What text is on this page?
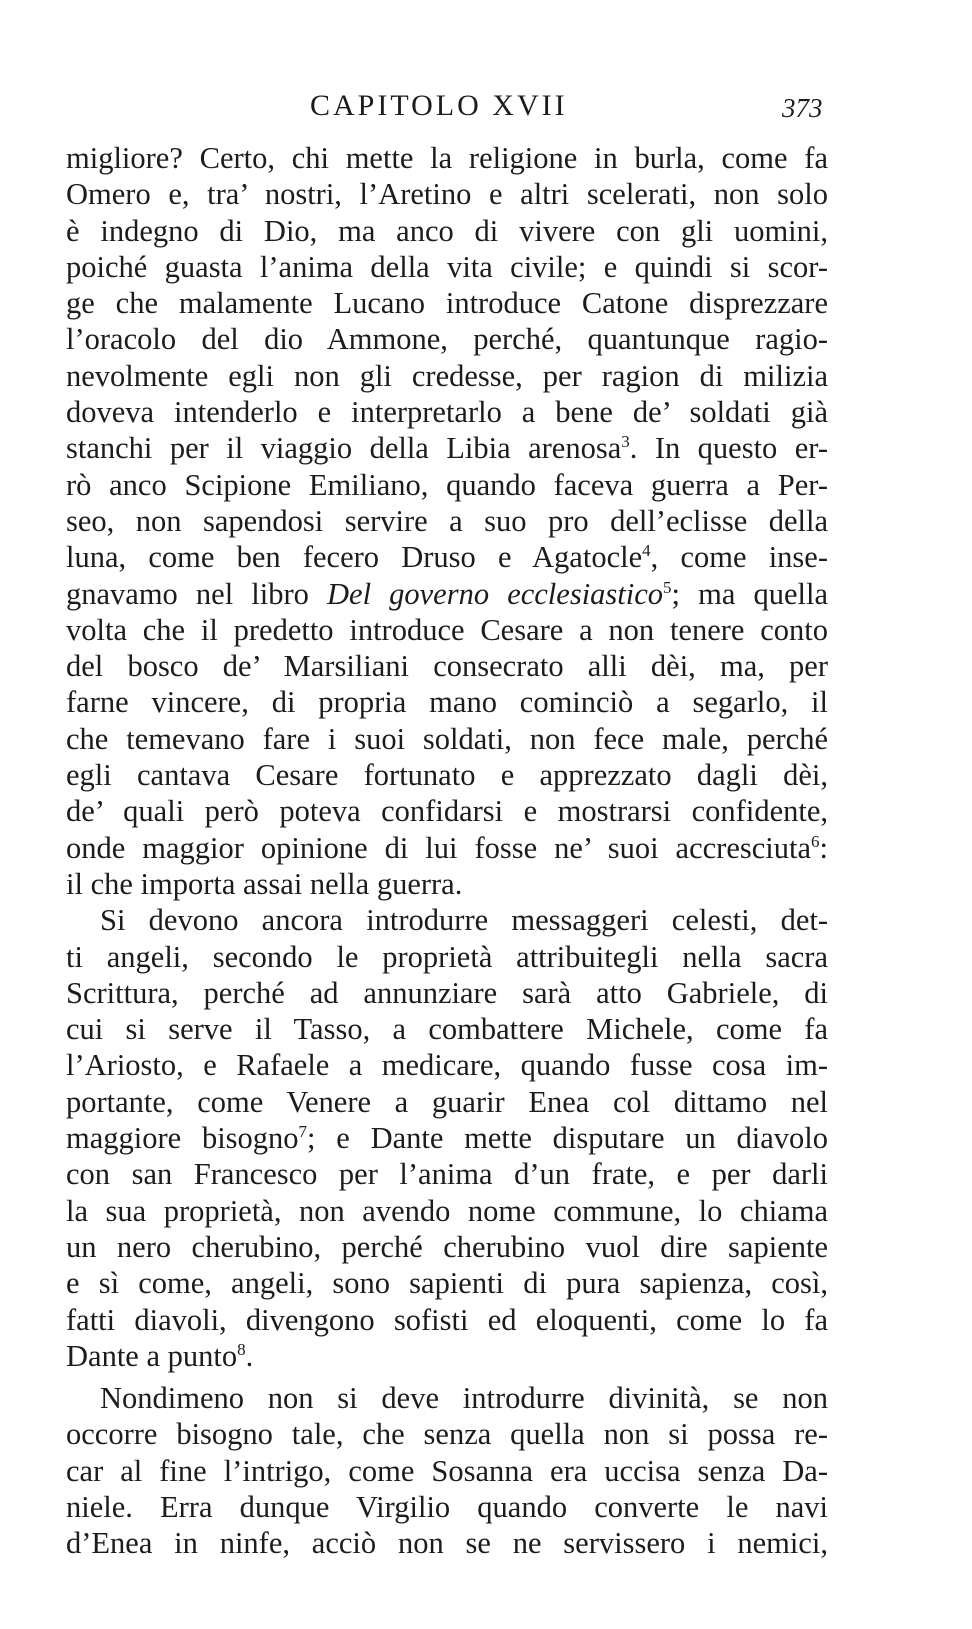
CAPITOLO XVII	373
migliore? Certo, chi mette la religione in burla, come fa
Omero e, tra’ nostri, l’Aretino e altri scelerati, non solo
è indegno di Dio, ma anco di vivere con gli uomini,
poiché guasta l’anima della vita civile; e quindi si scor-
ge che malamente Lucano introduce Catone disprezzare
l’oracolo del dio Ammone, perché, quantunque ragio-
nevolmente egli non gli credesse, per ragion di milizia
doveva intenderlo e interpretarlo a bene de’ soldati già
stanchi per il viaggio della Libia arenosa$^3$. In questo er-
rò anco Scipione Emiliano, quando faceva guerra a Per-
seo, non sapendosi servire a suo pro dell’eclisse della
luna, come ben fecero Druso e Agatocle$^4$, come inse-
gnavamo nel libro Del governo ecclesiastico$^5$; ma quella
volta che il predetto introduce Cesare a non tenere conto
del bosco de’ Marsiliani consecrato alli dèi, ma, per
farne vincere, di propria mano cominciò a segarlo, il
che temevano fare i suoi soldati, non fece male, perché
egli cantava Cesare fortunato e apprezzato dagli dèi,
de’ quali però poteva confidarsi e mostrarsi confidente,
onde maggior opinione di lui fosse ne’ suoi accresciuta$^6$:
il che importa assai nella guerra.
Si devono ancora introdurre messaggeri celesti, det-
ti angeli, secondo le proprietà attribuitegli nella sacra
Scrittura, perché ad annunziare sarà atto Gabriele, di
cui si serve il Tasso, a combattere Michele, come fa
l’Ariosto, e Rafaele a medicare, quando fusse cosa im-
portante, come Venere a guarir Enea col dittamo nel
maggiore bisogno$^7$; e Dante mette disputare un diavolo
con san Francesco per l’anima d’un frate, e per darli
la sua proprietà, non avendo nome commune, lo chiama
un nero cherubino, perché cherubino vuol dire sapiente
e sì come, angeli, sono sapienti di pura sapienza, così,
fatti diavoli, divengono sofisti ed eloquenti, come lo fa
Dante a punto$^8$.
Nondimeno non si deve introdurre divinità, se non
occorre bisogno tale, che senza quella non si possa re-
car al fine l’intrigo, come Sosanna era uccisa senza Da-
niele. Erra dunque Virgilio quando converte le navi
d’Enea in ninfe, acciò non se ne servissero i nemici,
